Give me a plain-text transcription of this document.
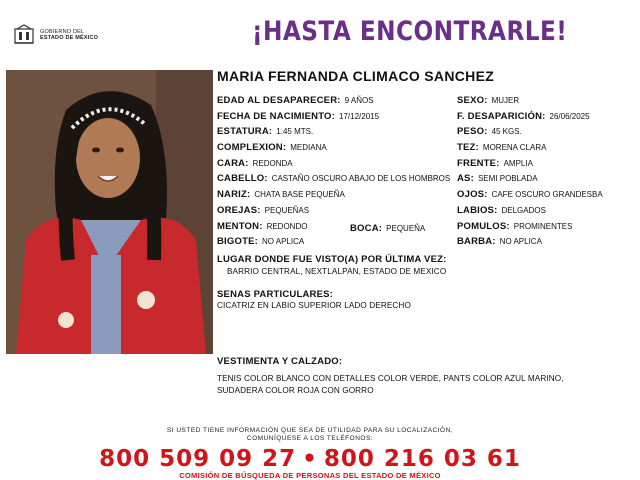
GOBIERNO DEL
ESTADO DE MÉXICO	¡HASTA ENCONTRARLE!
MARIA FERNANDA CLIMACO SANCHEZ
EDAD AL DESAPARECER: 9 AÑOS
FECHA DE NACIMIENTO: 17/12/2015
ESTATURA: 1.45 MTS.
COMPLEXION: MEDIANA
CARA: REDONDA
CABELLO: CASTAÑO OSCURO ABAJO DE LOS HOMBROS
NARIZ: CHATA BASE PEQUEÑA
OREJAS: PEQUEÑAS
MENTON: REDONDO	BOCA: PEQUEÑA
BIGOTE: NO APLICA
SEXO: MUJER
F. DESAPARICIÓN: 26/06/2025
PESO: 45 KGS.
TEZ: MORENA CLARA
FRENTE: AMPLIA
AS: SEMI POBLADA
OJOS: CAFE OSCURO GRANDESBA
LABIOS: DELGADOS
POMULOS: PROMINENTES
BARBA: NO APLICA
LUGAR DONDE FUE VISTO(A) POR ÚLTIMA VEZ:
BARRIO CENTRAL, NEXTLALPAN, ESTADO DE MEXICO
SENAS PARTICULARES:
CICATRIZ EN LABIO SUPERIOR LADO DERECHO
VESTIMENTA Y CALZADO:
TENIS COLOR BLANCO CON DETALLES COLOR VERDE, PANTS COLOR AZUL MARINO,
SUDADERA COLOR ROJA CON GORRO
SI USTED TIENE INFORMACIÓN QUE SEA DE UTILIDAD PARA SU LOCALIZACIÓN,
COMUNÍQUESE A LOS TELÉFONOS:
800 509 09 27 • 800 216 03 61
COMISIÓN DE BÚSQUEDA DE PERSONAS DEL ESTADO DE MÉXICO
